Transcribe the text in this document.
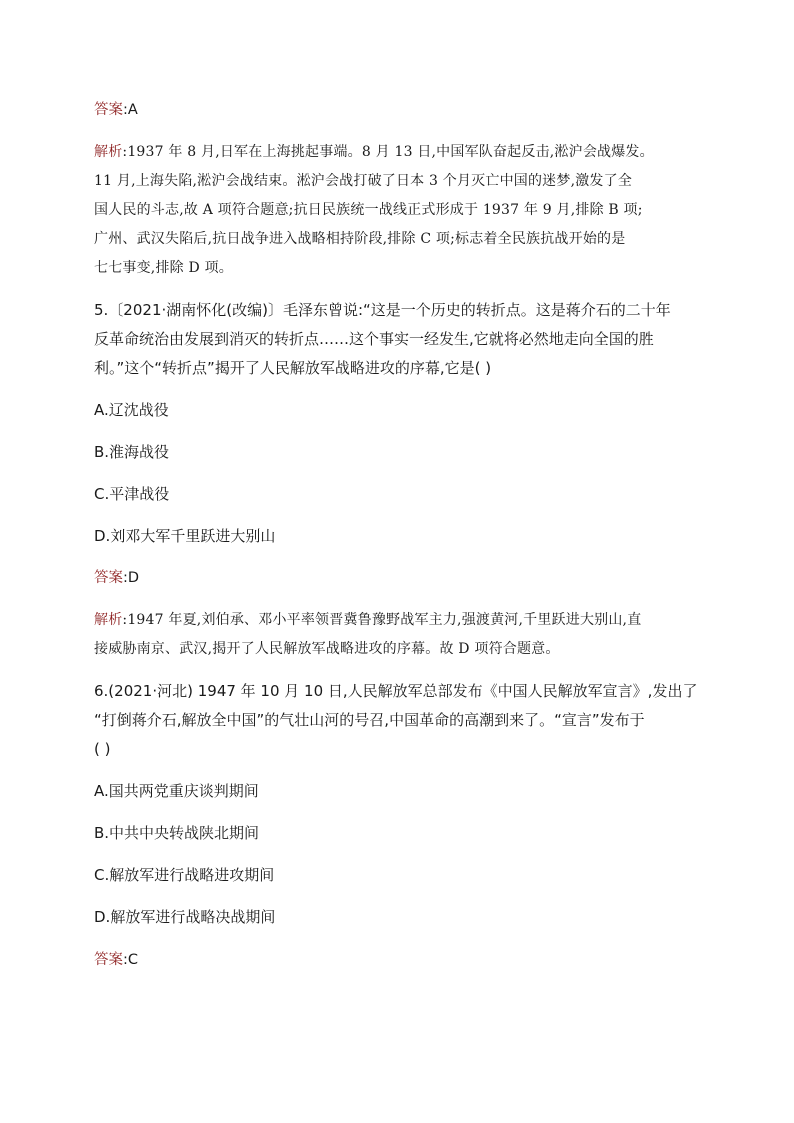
答案:A
解析:1937 年 8 月,日军在上海挑起事端。8 月 13 日,中国军队奋起反击,淞沪会战爆发。
11 月,上海失陷,淞沪会战结束。淞沪会战打破了日本 3 个月灭亡中国的迷梦,激发了全
国人民的斗志,故 A 项符合题意;抗日民族统一战线正式形成于 1937 年 9 月,排除 B 项;
广州、武汉失陷后,抗日战争进入战略相持阶段,排除 C 项;标志着全民族抗战开始的是
七七事变,排除 D 项。
5.〔2021·湖南怀化(改编)〕毛泽东曾说:“这是一个历史的转折点。这是蒋介石的二十年
反革命统治由发展到消灭的转折点……这个事实一经发生,它就将必然地走向全国的胜
利。”这个“转折点”揭开了人民解放军战略进攻的序幕,它是( )
A.辽沈战役
B.淮海战役
C.平津战役
D.刘邓大军千里跃进大别山
答案:D
解析:1947 年夏,刘伯承、邓小平率领晋冀鲁豫野战军主力,强渡黄河,千里跃进大别山,直
接威胁南京、武汉,揭开了人民解放军战略进攻的序幕。故 D 项符合题意。
6.(2021·河北) 1947 年 10 月 10 日,人民解放军总部发布《中国人民解放军宣言》,发出了
“打倒蒋介石,解放全中国”的气壮山河的号召,中国革命的高潮到来了。“宣言”发布于
( )
A.国共两党重庆谈判期间
B.中共中央转战陕北期间
C.解放军进行战略进攻期间
D.解放军进行战略决战期间
答案:C
